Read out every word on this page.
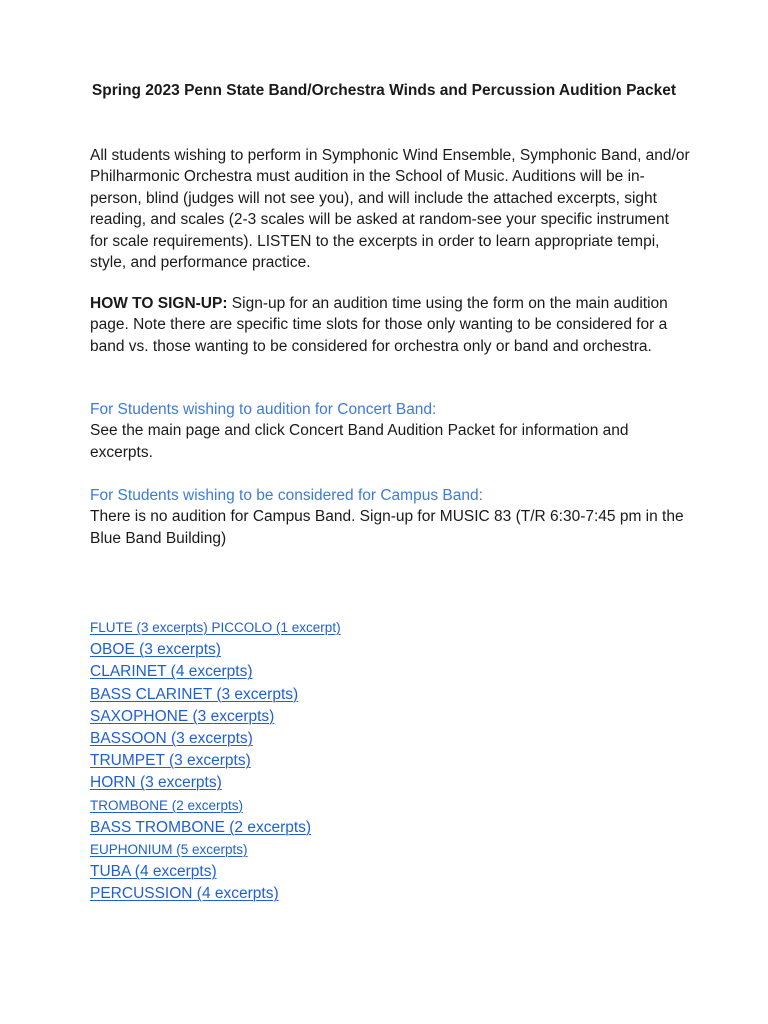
Spring 2023 Penn State Band/Orchestra Winds and Percussion Audition Packet
All students wishing to perform in Symphonic Wind Ensemble, Symphonic Band, and/or Philharmonic Orchestra must audition in the School of Music. Auditions will be in-person, blind (judges will not see you), and will include the attached excerpts, sight reading, and scales (2-3 scales will be asked at random-see your specific instrument for scale requirements). LISTEN to the excerpts in order to learn appropriate tempi, style, and performance practice.
HOW TO SIGN-UP: Sign-up for an audition time using the form on the main audition page. Note there are specific time slots for those only wanting to be considered for a band vs. those wanting to be considered for orchestra only or band and orchestra.
For Students wishing to audition for Concert Band:
See the main page and click Concert Band Audition Packet for information and excerpts.
For Students wishing to be considered for Campus Band:
There is no audition for Campus Band. Sign-up for MUSIC 83 (T/R 6:30-7:45 pm in the Blue Band Building)
FLUTE (3 excerpts) PICCOLO (1 excerpt)
OBOE (3 excerpts)
CLARINET (4 excerpts)
BASS CLARINET (3 excerpts)
SAXOPHONE (3 excerpts)
BASSOON (3 excerpts)
TRUMPET (3 excerpts)
HORN (3 excerpts)
TROMBONE (2 excerpts)
BASS TROMBONE (2 excerpts)
EUPHONIUM (5 excerpts)
TUBA (4 excerpts)
PERCUSSION (4 excerpts)
